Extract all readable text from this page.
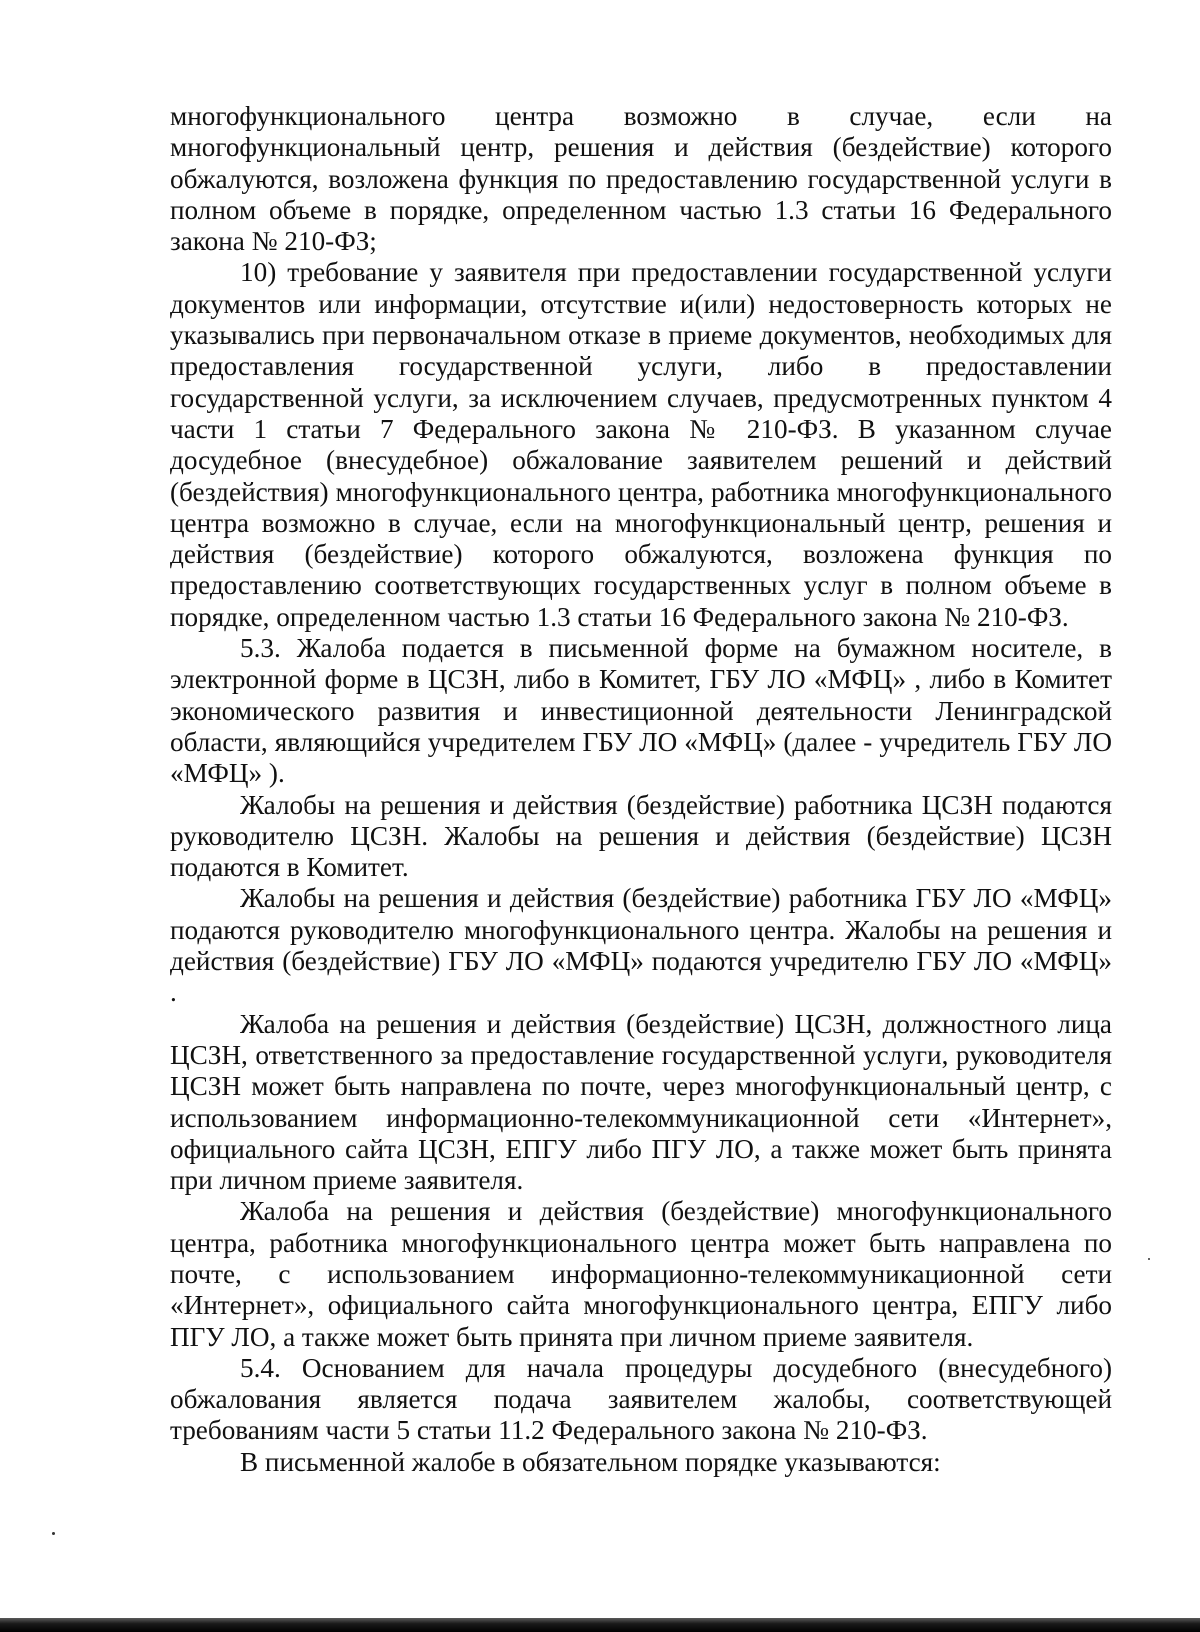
многофункционального центра возможно в случае, если на многофункциональный центр, решения и действия (бездействие) которого обжалуются, возложена функция по предоставлению государственной услуги в полном объеме в порядке, определенном частью 1.3 статьи 16 Федерального закона № 210-ФЗ;

10) требование у заявителя при предоставлении государственной услуги документов или информации, отсутствие и(или) недостоверность которых не указывались при первоначальном отказе в приеме документов, необходимых для предоставления государственной услуги, либо в предоставлении государственной услуги, за исключением случаев, предусмотренных пунктом 4 части 1 статьи 7 Федерального закона № 210-ФЗ. В указанном случае досудебное (внесудебное) обжалование заявителем решений и действий (бездействия) многофункционального центра, работника многофункционального центра возможно в случае, если на многофункциональный центр, решения и действия (бездействие) которого обжалуются, возложена функция по предоставлению соответствующих государственных услуг в полном объеме в порядке, определенном частью 1.3 статьи 16 Федерального закона № 210-ФЗ.

5.3. Жалоба подается в письменной форме на бумажном носителе, в электронной форме в ЦСЗН, либо в Комитет, ГБУ ЛО «МФЦ» , либо в Комитет экономического развития и инвестиционной деятельности Ленинградской области, являющийся учредителем ГБУ ЛО «МФЦ» (далее - учредитель ГБУ ЛО «МФЦ» ).

Жалобы на решения и действия (бездействие) работника ЦСЗН подаются руководителю ЦСЗН. Жалобы на решения и действия (бездействие) ЦСЗН подаются в Комитет.

Жалобы на решения и действия (бездействие) работника ГБУ ЛО «МФЦ» подаются руководителю многофункционального центра. Жалобы на решения и действия (бездействие) ГБУ ЛО «МФЦ» подаются учредителю ГБУ ЛО «МФЦ» .

Жалоба на решения и действия (бездействие) ЦСЗН, должностного лица ЦСЗН, ответственного за предоставление государственной услуги, руководителя ЦСЗН может быть направлена по почте, через многофункциональный центр, с использованием информационно-телекоммуникационной сети «Интернет», официального сайта ЦСЗН, ЕПГУ либо ПГУ ЛО, а также может быть принята при личном приеме заявителя.

Жалоба на решения и действия (бездействие) многофункционального центра, работника многофункционального центра может быть направлена по почте, с использованием информационно-телекоммуникационной сети «Интернет», официального сайта многофункционального центра, ЕПГУ либо ПГУ ЛО, а также может быть принята при личном приеме заявителя.

5.4. Основанием для начала процедуры досудебного (внесудебного) обжалования является подача заявителем жалобы, соответствующей требованиям части 5 статьи 11.2 Федерального закона № 210-ФЗ.

В письменной жалобе в обязательном порядке указываются:
